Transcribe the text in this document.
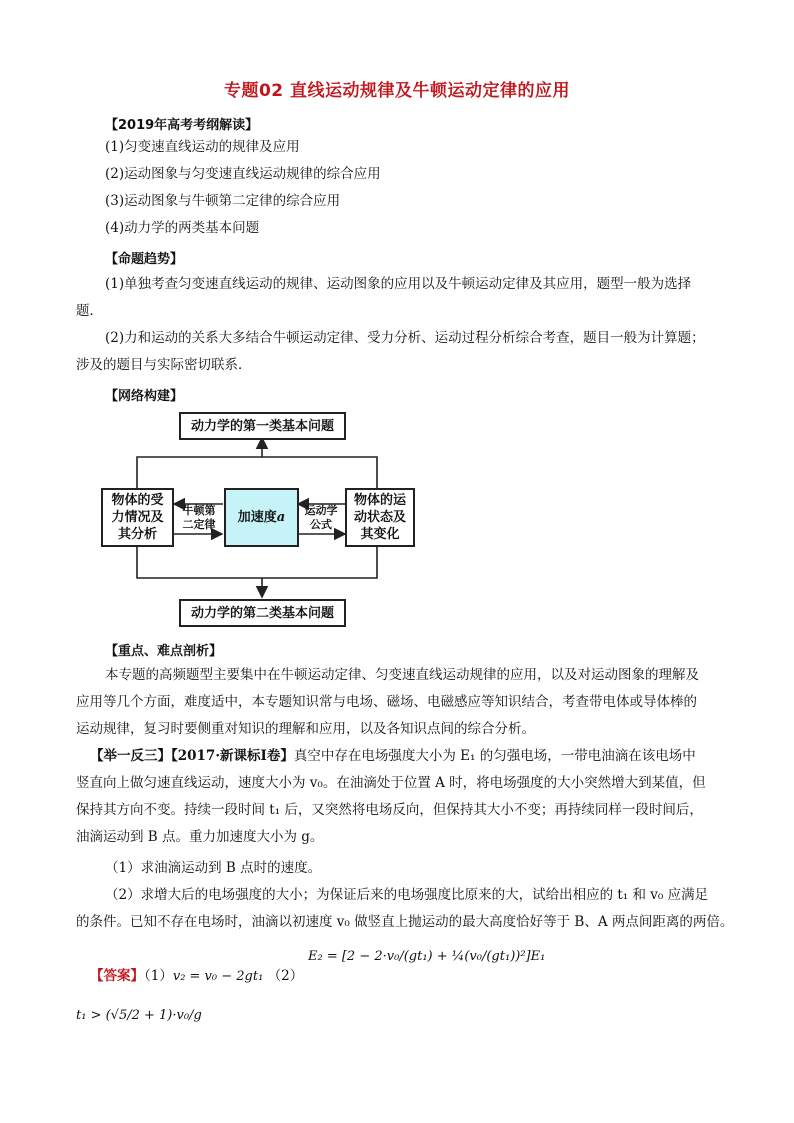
专题02 直线运动规律及牛顿运动定律的应用
【2019年高考考纲解读】
(1)匀变速直线运动的规律及应用
(2)运动图象与匀变速直线运动规律的综合应用
(3)运动图象与牛顿第二定律的综合应用
(4)动力学的两类基本问题
【命题趋势】
(1)单独考查匀变速直线运动的规律、运动图象的应用以及牛顿运动定律及其应用，题型一般为选择
题．
(2)力和运动的关系大多结合牛顿运动定律、受力分析、运动过程分析综合考查，题目一般为计算题；
涉及的题目与实际密切联系．
【网络构建】
动力学的第一类基本问题
动力学的第二类基本问题
物体的受
力情况及
其分析
加速度 a
物体的运
动状态及
其变化
牛顿第
二定律
运动学
公式
【重点、难点剖析】
本专题的高频题型主要集中在牛顿运动定律、匀变速直线运动规律的应用，以及对运动图象的理解及
应用等几个方面，难度适中，本专题知识常与电场、磁场、电磁感应等知识结合，考查带电体或导体棒的
运动规律，复习时要侧重对知识的理解和应用，以及各知识点间的综合分析。
【举一反三】【2017·新课标Ⅰ卷】真空中存在电场强度大小为 E₁ 的匀强电场，一带电油滴在该电场中
竖直向上做匀速直线运动，速度大小为 v₀。在油滴处于位置 A 时，将电场强度的大小突然增大到某值，但
保持其方向不变。持续一段时间 t₁ 后，又突然将电场反向，但保持其大小不变；再持续同样一段时间后，
油滴运动到 B 点。重力加速度大小为 g。
（1）求油滴运动到 B 点时的速度。
（2）求增大后的电场强度的大小；为保证后来的电场强度比原来的大，试给出相应的 t₁ 和 v₀ 应满足
的条件。已知不存在电场时，油滴以初速度 v₀ 做竖直上抛运动的最大高度恰好等于 B、A 两点间距离的两倍。
E₂ = [2 − 2·v₀/(gt₁) + ¼(v₀/(gt₁))²]E₁
【答案】（1）v₂ = v₀ − 2gt₁ （2）
t₁ > (√5/2 + 1)·v₀/g
